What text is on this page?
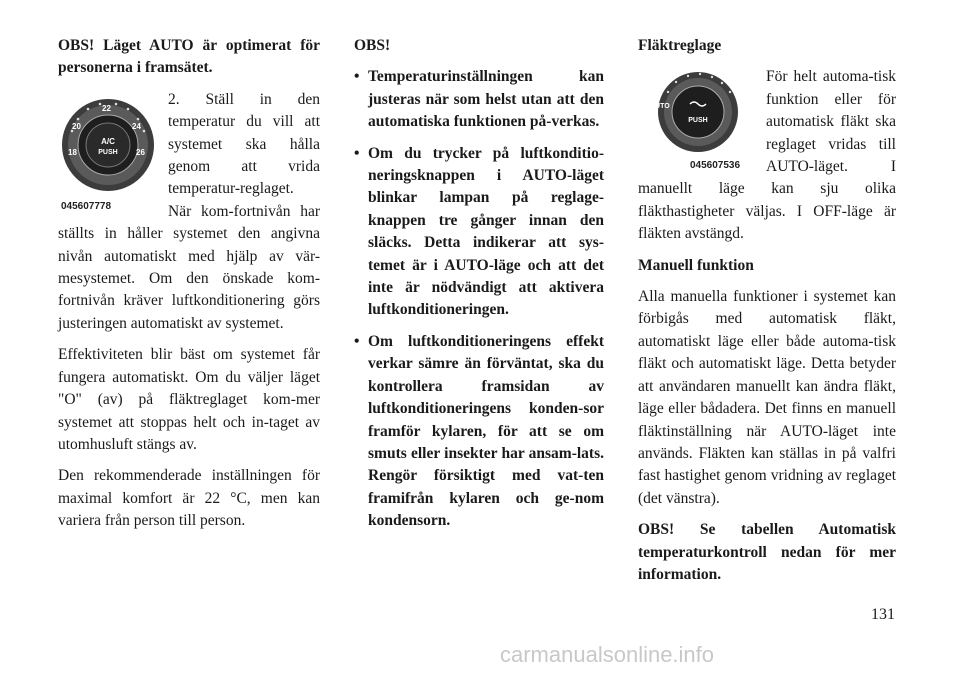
OBS! Läget AUTO är optimerat för personerna i framsätet.

18
20
22
24
26
A/C
PUSH
045607778

2. Ställ in den temperatur du vill att systemet ska hålla genom att vrida temperatur-reglaget. När kom-fortnivån har ställts in håller systemet den angivna nivån automatiskt med hjälp av vär-mesystemet. Om den önskade kom-fortnivån kräver luftkonditionering görs justeringen automatiskt av systemet.

Effektiviteten blir bäst om systemet får fungera automatiskt. Om du väljer läget "O" (av) på fläktreglaget kom-mer systemet att stoppas helt och in-taget av utomhusluft stängs av.

Den rekommenderade inställningen för maximal komfort är 22 °C, men kan variera från person till person.

OBS!

• Temperaturinställningen kan justeras när som helst utan att den automatiska funktionen på-verkas.
• Om du trycker på luftkonditio-neringsknappen i AUTO-läget blinkar lampan på reglage-knappen tre gånger innan den släcks. Detta indikerar att sys-temet är i AUTO-läge och att det inte är nödvändigt att aktivera luftkonditioneringen.
• Om luftkonditioneringens effekt verkar sämre än förväntat, ska du kontrollera framsidan av luftkonditioneringens konden-sor framför kylaren, för att se om smuts eller insekter har ansam-lats. Rengör försiktigt med vat-ten framifrån kylaren och ge-nom kondensorn.

Fläktreglage

AUTO
0	PUSH
045607536

För helt automa-tisk funktion eller för automatisk fläkt ska reglaget vridas till AUTO-läget. I manuellt läge kan sju olika fläkthastigheter väljas. I OFF-läge är fläkten avstängd.

Manuell funktion

Alla manuella funktioner i systemet kan förbigås med automatisk fläkt, automatiskt läge eller både automa-tisk fläkt och automatiskt läge. Detta betyder att användaren manuellt kan ändra fläkt, läge eller bådadera. Det finns en manuell fläktinställning när AUTO-läget inte används. Fläkten kan ställas in på valfri fast hastighet genom vridning av reglaget (det vänstra).

OBS! Se tabellen Automatisk temperaturkontroll nedan för mer information.

131
carmanualsonline.info
